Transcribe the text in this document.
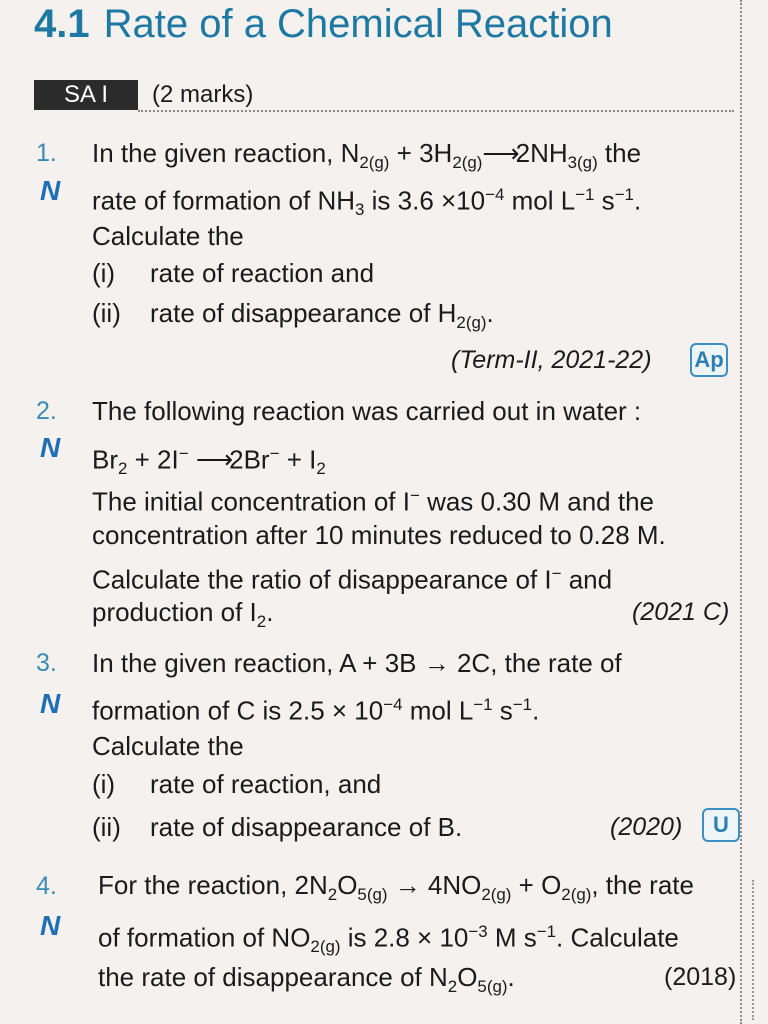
4.1 Rate of a Chemical Reaction
SA I	(2 marks)
1.
N
In the given reaction, $N_{2(g)}$ + $3H_{2(g)}⟶2NH_{3(g)}$ the
rate of formation of $NH_3$ is $3.6 \times 10^{-4}$ mol $L^{-1}$ $s^{-1}$.
Calculate the
(i) rate of reaction and
(ii) rate of disappearance of $H_{2(g)}$.
(Term-II, 2021-22) Ap
2.
N
The following reaction was carried out in water :
$Br_2 + 2I^-$ ⟶2Br− + $I_2$
The initial concentration of I− was 0.30 M and the
concentration after 10 minutes reduced to 0.28 M.
Calculate the ratio of disappearance of I− and
production of $I_2$.	(2021 C)
3.
N
In the given reaction, A + 3B → 2C, the rate of
formation of C is $2.5 \times 10^{-4}$ mol $L^{-1}$ $s^{-1}$.
Calculate the
(i) rate of reaction, and
(ii) rate of disappearance of B.	(2020)	U
4.
N
For the reaction, $2N_2O_{5(g)} \to 4NO_{2(g)} + O_{2(g)}$, the rate
of formation of $NO_{2(g)}$ is $2.8 \times 10^{-3}$ M $s^{-1}$. Calculate
the rate of disappearance of $N_2O_{5(g)}$.	(2018)
